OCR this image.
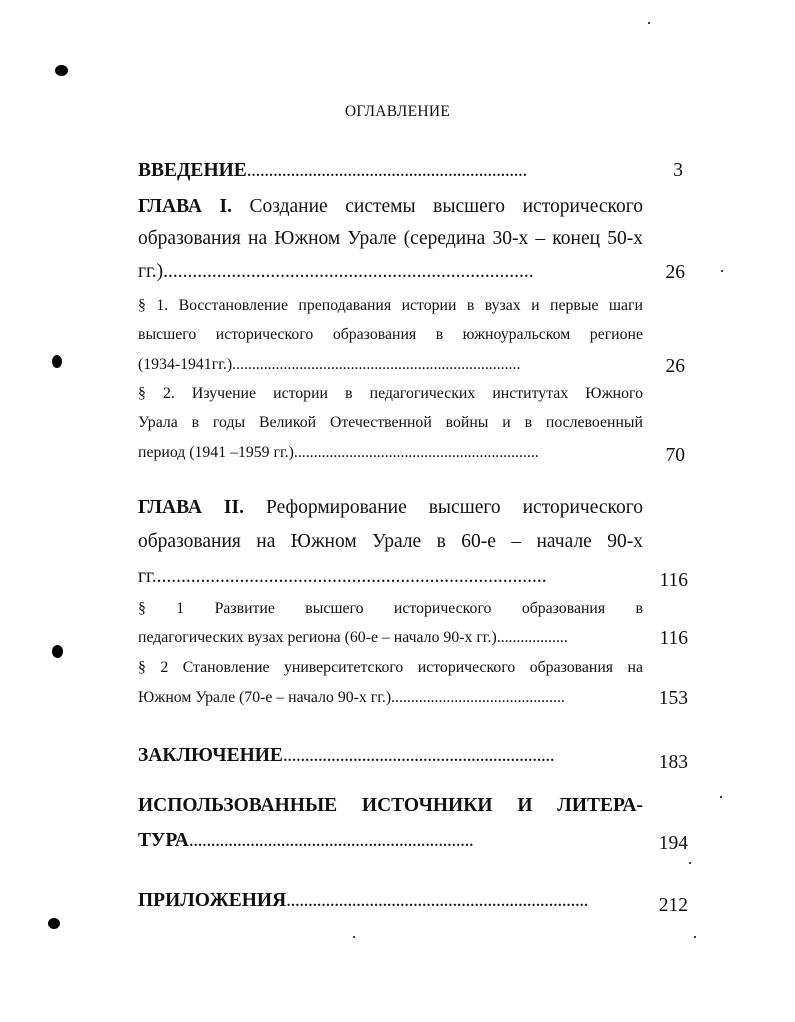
ОГЛАВЛЕНИЕ
ВВЕДЕНИЕ................................................................	3
ГЛАВА I. Создание системы высшего исторического
образования на Южном Урале (середина 30-х – конец 50-х
гг.)............................................................................	26
§ 1. Восстановление преподавания истории в вузах и первые шаги
высшего исторического образования в южноуральском регионе
(1934-1941гг.).........................................................................	26
§ 2. Изучение истории в педагогических институтах Южного
Урала в годы Великой Отечественной войны и в послевоенный
период (1941 –1959 гг.)..............................................................	70
ГЛАВА II. Реформирование высшего исторического
образования на Южном Урале в 60-е – начале 90-х
гг.................................................................................	116
§ 1 Развитие высшего исторического образования в
педагогических вузах региона (60-е – начало 90-х гг.)..................	116
§ 2 Становление университетского исторического образования на
Южном Урале (70-е – начало 90-х гг.)............................................	153
ЗАКЛЮЧЕНИЕ..............................................................	183
ИСПОЛЬЗОВАННЫЕ ИСТОЧНИКИ И ЛИТЕРА-
ТУРА.................................................................	194
ПРИЛОЖЕНИЯ.....................................................................	212
